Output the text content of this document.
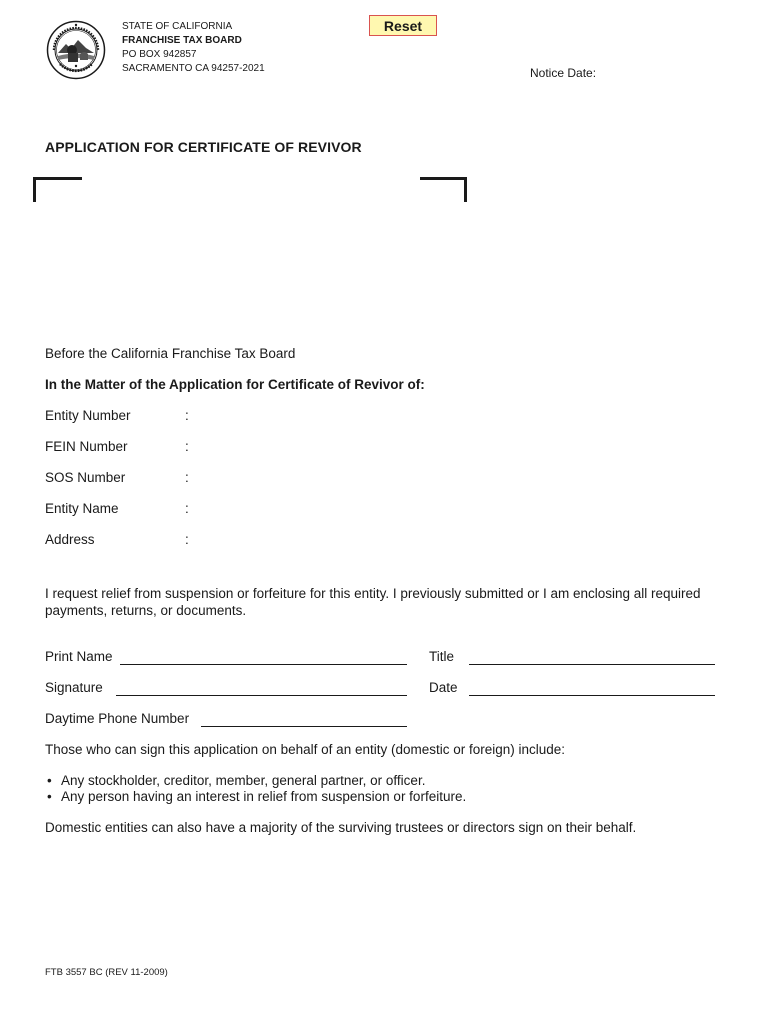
STATE OF CALIFORNIA
FRANCHISE TAX BOARD
PO BOX 942857
SACRAMENTO CA 94257-2021
Reset
Notice Date:
APPLICATION FOR CERTIFICATE OF REVIVOR
Before the California Franchise Tax Board
In the Matter of the Application for Certificate of Revivor of:
Entity Number	:
FEIN Number	:
SOS Number	:
Entity Name	:
Address	:
I request relief from suspension or forfeiture for this entity. I previously submitted or I am enclosing all required payments, returns, or documents.
Print Name	Title
Signature	Date
Daytime Phone Number
Those who can sign this application on behalf of an entity (domestic or foreign) include:
• Any stockholder, creditor, member, general partner, or officer.
• Any person having an interest in relief from suspension or forfeiture.
Domestic entities can also have a majority of the surviving trustees or directors sign on their behalf.
FTB 3557 BC (REV 11-2009)
